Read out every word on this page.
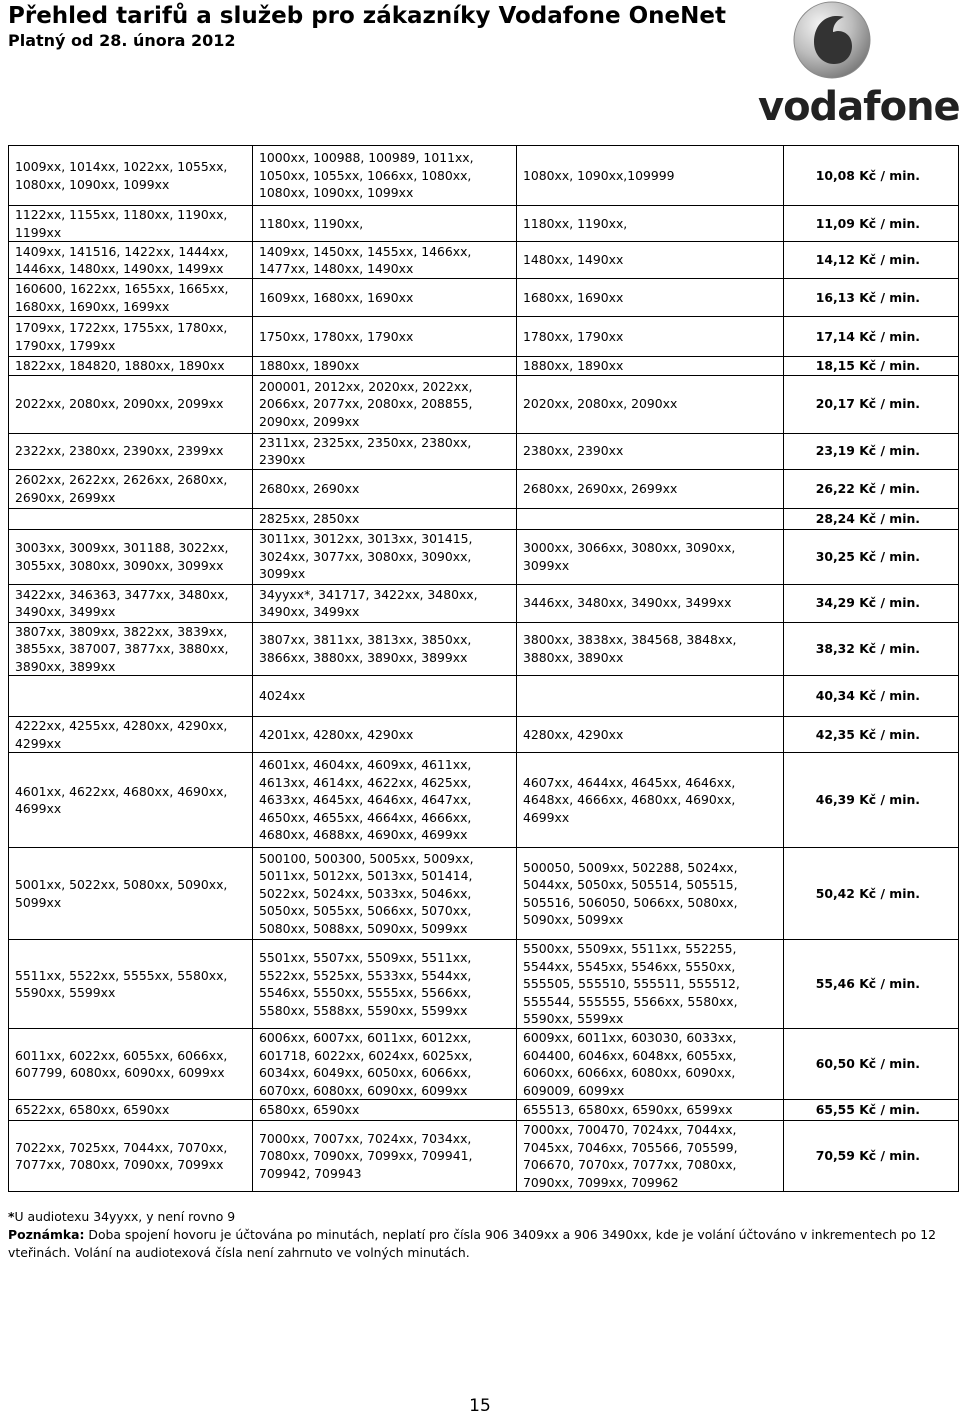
Přehled tarifů a služeb pro zákazníky Vodafone OneNet

Platný od 28. února 2012

vodafone
1009xx, 1014xx, 1022xx, 1055xx, 1080xx, 1090xx, 1099xx	1000xx, 100988, 100989, 1011xx, 1050xx, 1055xx, 1066xx, 1080xx, 1080xx, 1090xx, 1099xx	1080xx, 1090xx,109999	10,08 Kč / min.
1122xx, 1155xx, 1180xx, 1190xx, 1199xx	1180xx, 1190xx,	1180xx, 1190xx,	11,09 Kč / min.
1409xx, 141516, 1422xx, 1444xx, 1446xx, 1480xx, 1490xx, 1499xx	1409xx, 1450xx, 1455xx, 1466xx, 1477xx, 1480xx, 1490xx	1480xx, 1490xx	14,12 Kč / min.
160600, 1622xx, 1655xx, 1665xx, 1680xx, 1690xx, 1699xx	1609xx, 1680xx, 1690xx	1680xx, 1690xx	16,13 Kč / min.
1709xx, 1722xx, 1755xx, 1780xx, 1790xx, 1799xx	1750xx, 1780xx, 1790xx	1780xx, 1790xx	17,14 Kč / min.
1822xx, 184820, 1880xx, 1890xx	1880xx, 1890xx	1880xx, 1890xx	18,15 Kč / min.
2022xx, 2080xx, 2090xx, 2099xx	200001, 2012xx, 2020xx, 2022xx, 2066xx, 2077xx, 2080xx, 208855, 2090xx, 2099xx	2020xx, 2080xx, 2090xx	20,17 Kč / min.
2322xx, 2380xx, 2390xx, 2399xx	2311xx, 2325xx, 2350xx, 2380xx, 2390xx	2380xx, 2390xx	23,19 Kč / min.
2602xx, 2622xx, 2626xx, 2680xx, 2690xx, 2699xx	2680xx, 2690xx	2680xx, 2690xx, 2699xx	26,22 Kč / min.
	2825xx, 2850xx		28,24 Kč / min.
3003xx, 3009xx, 301188, 3022xx, 3055xx, 3080xx, 3090xx, 3099xx	3011xx, 3012xx, 3013xx, 301415, 3024xx, 3077xx, 3080xx, 3090xx, 3099xx	3000xx, 3066xx, 3080xx, 3090xx, 3099xx	30,25 Kč / min.
3422xx, 346363, 3477xx, 3480xx, 3490xx, 3499xx	34yyxx*, 341717, 3422xx, 3480xx, 3490xx, 3499xx	3446xx, 3480xx, 3490xx, 3499xx	34,29 Kč / min.
3807xx, 3809xx, 3822xx, 3839xx, 3855xx, 387007, 3877xx, 3880xx, 3890xx, 3899xx	3807xx, 3811xx, 3813xx, 3850xx, 3866xx, 3880xx, 3890xx, 3899xx	3800xx, 3838xx, 384568, 3848xx, 3880xx, 3890xx	38,32 Kč / min.
	4024xx		40,34 Kč / min.
4222xx, 4255xx, 4280xx, 4290xx, 4299xx	4201xx, 4280xx, 4290xx	4280xx, 4290xx	42,35 Kč / min.
4601xx, 4622xx, 4680xx, 4690xx, 4699xx	4601xx, 4604xx, 4609xx, 4611xx, 4613xx, 4614xx, 4622xx, 4625xx, 4633xx, 4645xx, 4646xx, 4647xx, 4650xx, 4655xx, 4664xx, 4666xx, 4680xx, 4688xx, 4690xx, 4699xx	4607xx, 4644xx, 4645xx, 4646xx, 4648xx, 4666xx, 4680xx, 4690xx, 4699xx	46,39 Kč / min.
5001xx, 5022xx, 5080xx, 5090xx, 5099xx	500100, 500300, 5005xx, 5009xx, 5011xx, 5012xx, 5013xx, 501414, 5022xx, 5024xx, 5033xx, 5046xx, 5050xx, 5055xx, 5066xx, 5070xx, 5080xx, 5088xx, 5090xx, 5099xx	500050, 5009xx, 502288, 5024xx, 5044xx, 5050xx, 505514, 505515, 505516, 506050, 5066xx, 5080xx, 5090xx, 5099xx	50,42 Kč / min.
5511xx, 5522xx, 5555xx, 5580xx, 5590xx, 5599xx	5501xx, 5507xx, 5509xx, 5511xx, 5522xx, 5525xx, 5533xx, 5544xx, 5546xx, 5550xx, 5555xx, 5566xx, 5580xx, 5588xx, 5590xx, 5599xx	5500xx, 5509xx, 5511xx, 552255, 5544xx, 5545xx, 5546xx, 5550xx, 555505, 555510, 555511, 555512, 555544, 555555, 5566xx, 5580xx, 5590xx, 5599xx	55,46 Kč / min.
6011xx, 6022xx, 6055xx, 6066xx, 607799, 6080xx, 6090xx, 6099xx	6006xx, 6007xx, 6011xx, 6012xx, 601718, 6022xx, 6024xx, 6025xx, 6034xx, 6049xx, 6050xx, 6066xx, 6070xx, 6080xx, 6090xx, 6099xx	6009xx, 6011xx, 603030, 6033xx, 604400, 6046xx, 6048xx, 6055xx, 6060xx, 6066xx, 6080xx, 6090xx, 609009, 6099xx	60,50 Kč / min.
6522xx, 6580xx, 6590xx	6580xx, 6590xx	655513, 6580xx, 6590xx, 6599xx	65,55 Kč / min.
7022xx, 7025xx, 7044xx, 7070xx, 7077xx, 7080xx, 7090xx, 7099xx	7000xx, 7007xx, 7024xx, 7034xx, 7080xx, 7090xx, 7099xx, 709941, 709942, 709943	7000xx, 700470, 7024xx, 7044xx, 7045xx, 7046xx, 705566, 705599, 706670, 7070xx, 7077xx, 7080xx, 7090xx, 7099xx, 709962	70,59 Kč / min.

*U audiotexu 34yyxx, y není rovno 9

Poznámka: Doba spojení hovoru je účtována po minutách, neplatí pro čísla 906 3409xx a 906 3490xx, kde je volání účtováno v inkrementech po 12 vteřinách. Volání na audiotexová čísla není zahrnuto ve volných minutách.

15
